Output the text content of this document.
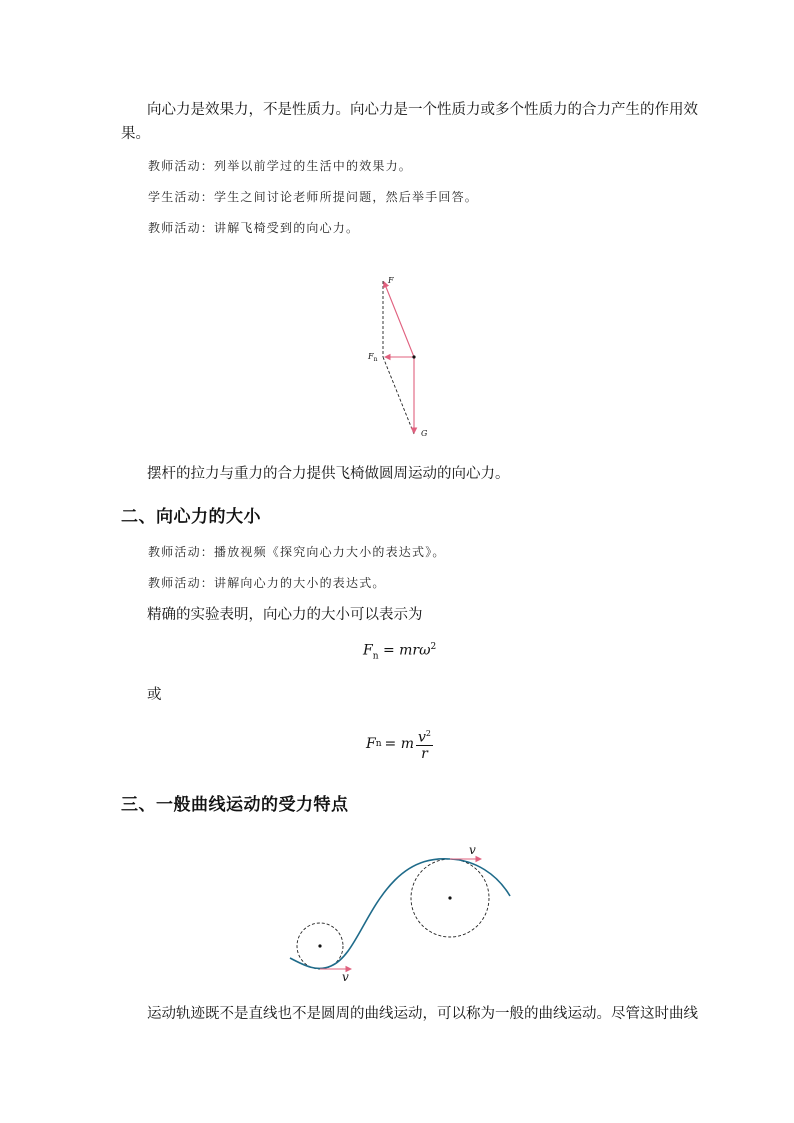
向心力是效果力，不是性质力。向心力是一个性质力或多个性质力的合力产生的作用效
果。
教师活动：列举以前学过的生活中的效果力。
学生活动：学生之间讨论老师所提问题，然后举手回答。
教师活动：讲解飞椅受到的向心力。
F
$F_n$
G
摆杆的拉力与重力的合力提供飞椅做圆周运动的向心力。
二、向心力的大小
教师活动：播放视频《探究向心力大小的表达式》。
教师活动：讲解向心力的大小的表达式。
精确的实验表明，向心力的大小可以表示为
$F_n = mr\omega^2$
或
F n = m $\frac{v^2}{r}$
三、一般曲线运动的受力特点
v
v
运动轨迹既不是直线也不是圆周的曲线运动，可以称为一般的曲线运动。尽管这时曲线
